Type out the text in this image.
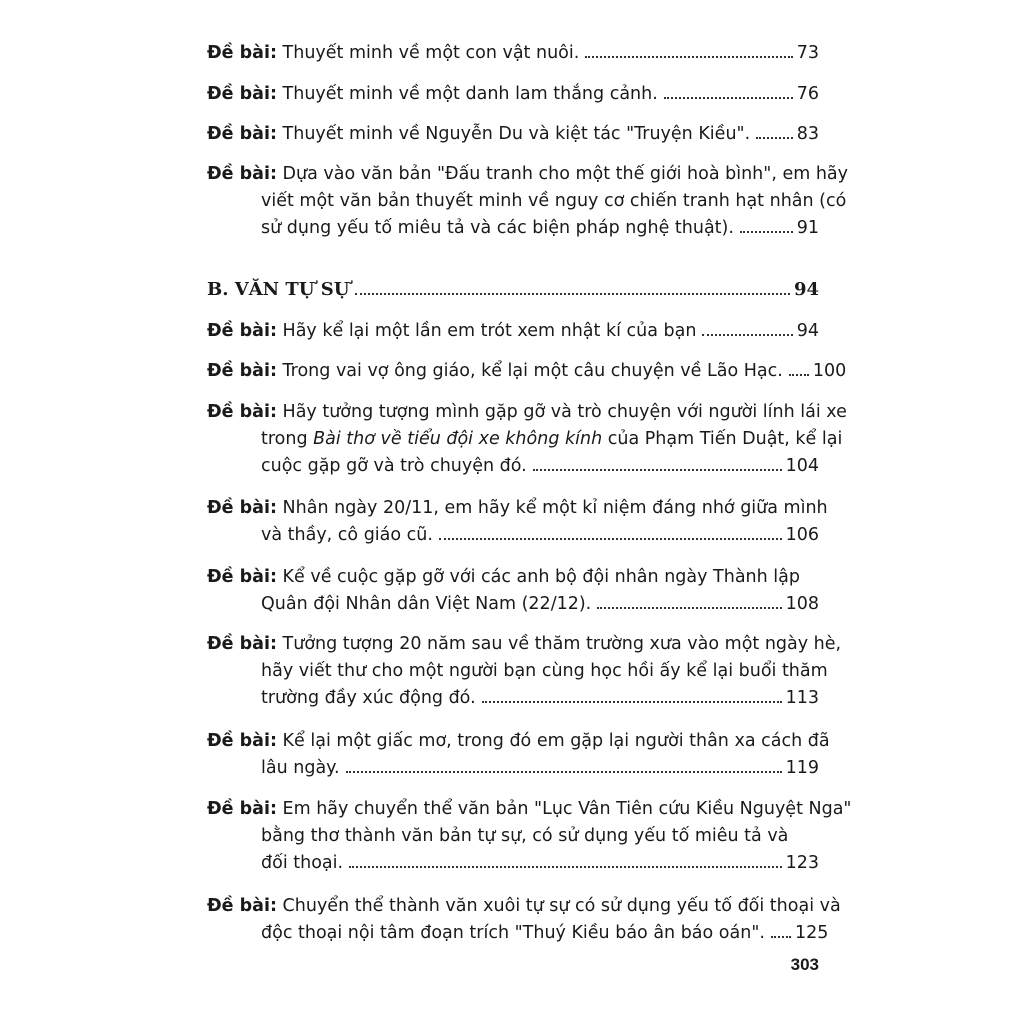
Đề bài: Thuyết minh về một con vật nuôi.	73
Đề bài: Thuyết minh về một danh lam thắng cảnh.	76
Đề bài: Thuyết minh về Nguyễn Du và kiệt tác "Truyện Kiều".	83
Đề bài: Dựa vào văn bản "Đấu tranh cho một thế giới hoà bình", em hãy
viết một văn bản thuyết minh về nguy cơ chiến tranh hạt nhân (có
sử dụng yếu tố miêu tả và các biện pháp nghệ thuật).	91
B. VĂN TỰ SỰ	94
Đề bài: Hãy kể lại một lần em trót xem nhật kí của bạn	94
Đề bài: Trong vai vợ ông giáo, kể lại một câu chuyện về Lão Hạc. 100
Đề bài: Hãy tưởng tượng mình gặp gỡ và trò chuyện với người lính lái xe
trong Bài thơ về tiểu đội xe không kính của Phạm Tiến Duật, kể lại
cuộc gặp gỡ và trò chuyện đó.	104
Đề bài: Nhân ngày 20/11, em hãy kể một kỉ niệm đáng nhớ giữa mình
và thầy, cô giáo cũ.	106
Đề bài: Kể về cuộc gặp gỡ với các anh bộ đội nhân ngày Thành lập
Quân đội Nhân dân Việt Nam (22/12).	108
Đề bài: Tưởng tượng 20 năm sau về thăm trường xưa vào một ngày hè,
hãy viết thư cho một người bạn cùng học hồi ấy kể lại buổi thăm
trường đầy xúc động đó.	113
Đề bài: Kể lại một giấc mơ, trong đó em gặp lại người thân xa cách đã
lâu ngày.	119
Đề bài: Em hãy chuyển thể văn bản "Lục Vân Tiên cứu Kiều Nguyệt Nga"
bằng thơ thành văn bản tự sự, có sử dụng yếu tố miêu tả và
đối thoại.	123
Đề bài: Chuyển thể thành văn xuôi tự sự có sử dụng yếu tố đối thoại và
độc thoại nội tâm đoạn trích "Thuý Kiều báo ân báo oán". 125
303
